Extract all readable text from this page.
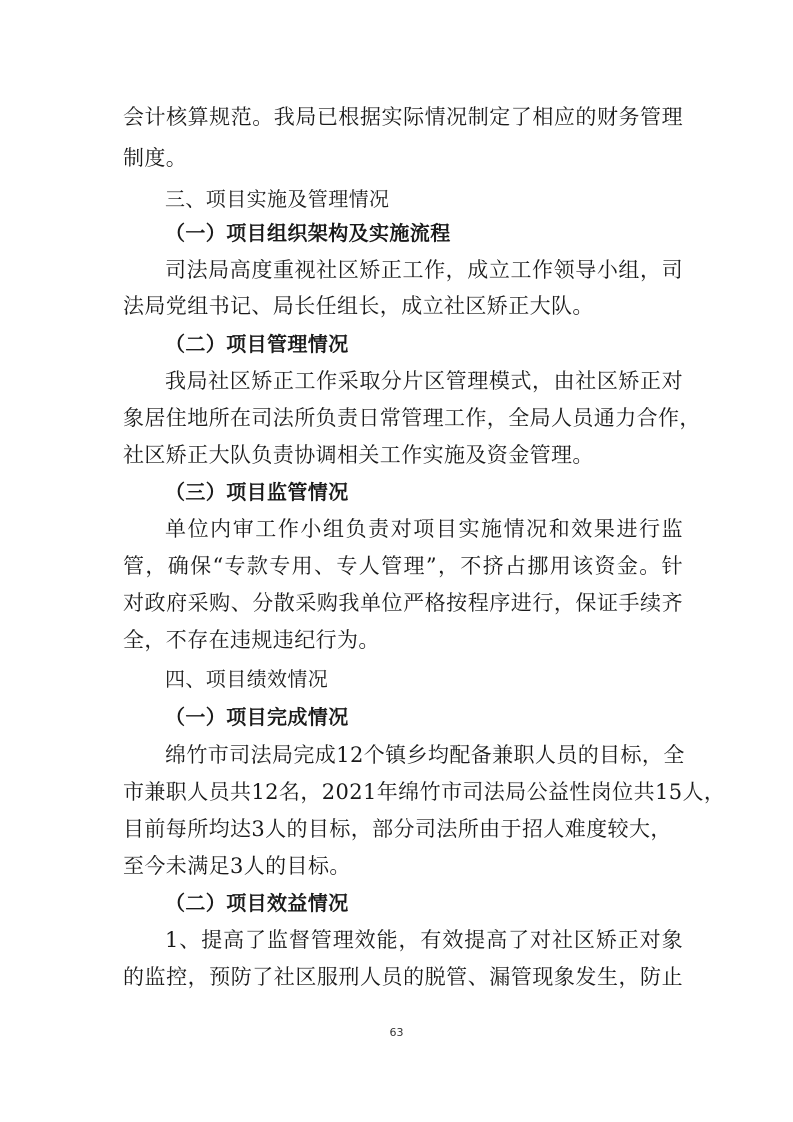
会计核算规范。我局已根据实际情况制定了相应的财务管理
制度。
三、项目实施及管理情况
（一）项目组织架构及实施流程
司法局高度重视社区矫正工作，成立工作领导小组，司
法局党组书记、局长任组长，成立社区矫正大队。
（二）项目管理情况
我局社区矫正工作采取分片区管理模式，由社区矫正对
象居住地所在司法所负责日常管理工作，全局人员通力合作，
社区矫正大队负责协调相关工作实施及资金管理。
（三）项目监管情况
单位内审工作小组负责对项目实施情况和效果进行监
管，确保“专款专用、专人管理”，不挤占挪用该资金。针
对政府采购、分散采购我单位严格按程序进行，保证手续齐
全，不存在违规违纪行为。
四、项目绩效情况
（一）项目完成情况
绵竹市司法局完成12个镇乡均配备兼职人员的目标，全
市兼职人员共12名，2021年绵竹市司法局公益性岗位共15人，
目前每所均达3人的目标，部分司法所由于招人难度较大，
至今未满足3人的目标。
（二）项目效益情况
1、提高了监督管理效能，有效提高了对社区矫正对象
的监控，预防了社区服刑人员的脱管、漏管现象发生，防止
63
